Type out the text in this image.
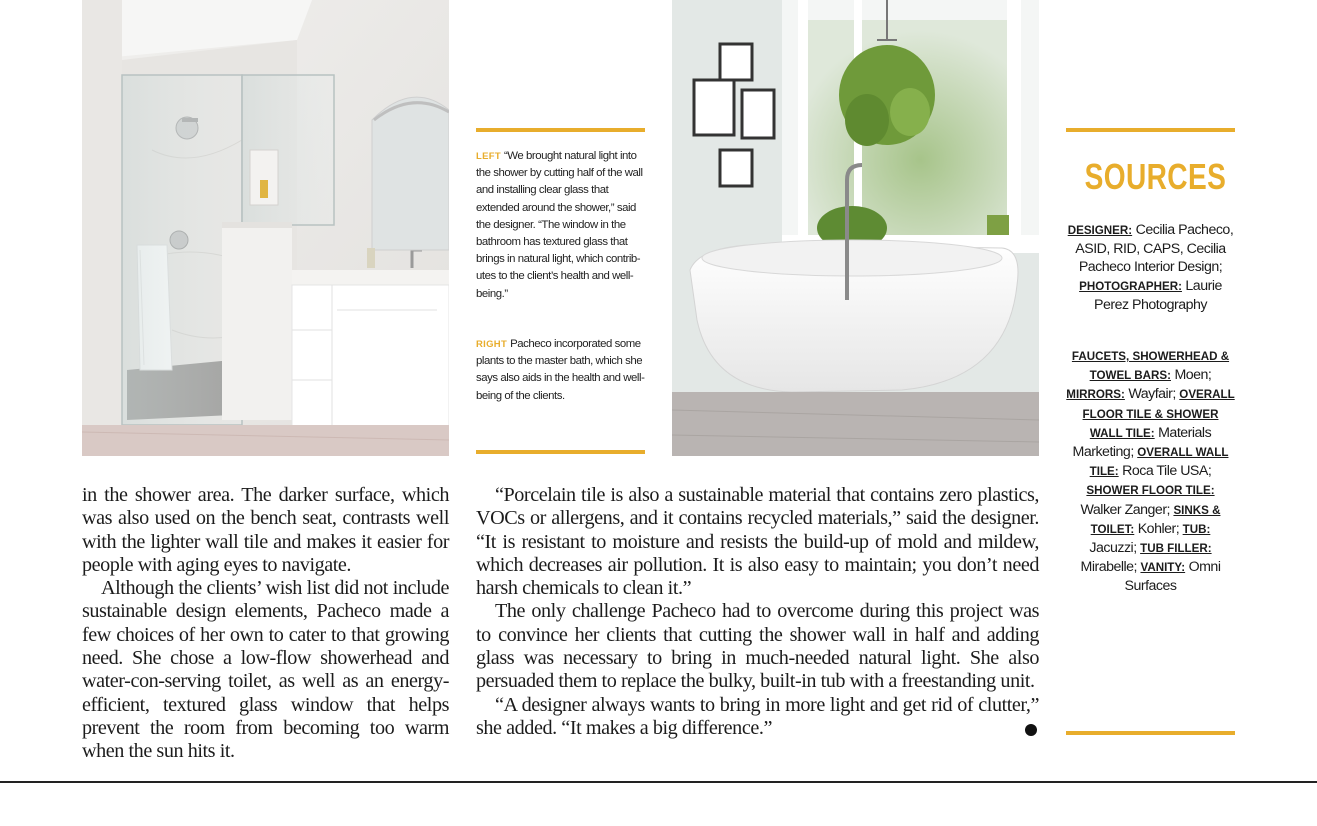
LEFT “We brought natural light into the shower by cutting half of the wall and installing clear glass that extended around the shower,” said the designer. “The window in the bathroom has textured glass that brings in natural light, which contrib-utes to the client’s health and well-being.”

RIGHT Pacheco incorporated some plants to the master bath, which she says also aids in the health and well-being of the clients.

in the shower area. The darker surface, which was also used on the bench seat, contrasts well with the lighter wall tile and makes it easier for people with aging eyes to navigate.

Although the clients’ wish list did not include sustainable design elements, Pacheco made a few choices of her own to cater to that growing need. She chose a low-flow showerhead and water-con-serving toilet, as well as an energy-efficient, textured glass window that helps prevent the room from becoming too warm when the sun hits it.

“Porcelain tile is also a sustainable material that contains zero plastics, VOCs or allergens, and it contains recycled materials,” said the designer. “It is resistant to moisture and resists the build-up of mold and mildew, which decreases air pollution. It is also easy to maintain; you don’t need harsh chemicals to clean it.”

The only challenge Pacheco had to overcome during this project was to convince her clients that cutting the shower wall in half and adding glass was necessary to bring in much-needed natural light. She also persuaded them to replace the bulky, built-in tub with a freestanding unit.

“A designer always wants to bring in more light and get rid of clutter,” she added. “It makes a big difference.”

SOURCES

DESIGNER: Cecilia Pacheco, ASID, RID, CAPS, Cecilia Pacheco Interior Design; PHOTOGRAPHER: Laurie Perez Photography

FAUCETS, SHOWERHEAD & TOWEL BARS: Moen; MIRRORS: Wayfair; OVERALL FLOOR TILE & SHOWER WALL TILE: Materials Marketing; OVERALL WALL TILE: Roca Tile USA; SHOWER FLOOR TILE: Walker Zanger; SINKS & TOILET: Kohler; TUB: Jacuzzi; TUB FILLER: Mirabelle; VANITY: Omni Surfaces
